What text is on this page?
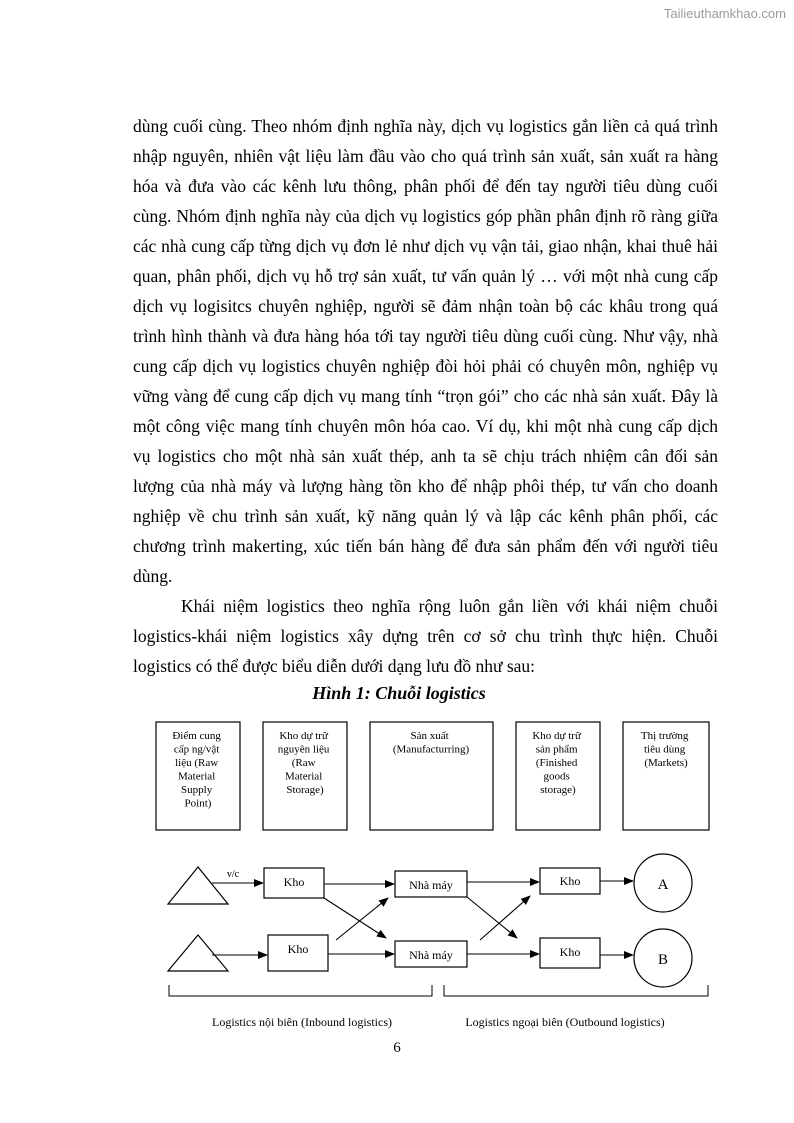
Tailieuthamkhao.com

dùng cuối cùng. Theo nhóm định nghĩa này, dịch vụ logistics gắn liền cả quá trình nhập nguyên, nhiên vật liệu làm đầu vào cho quá trình sản xuất, sản xuất ra hàng hóa và đưa vào các kênh lưu thông, phân phối để đến tay người tiêu dùng cuối cùng. Nhóm định nghĩa này của dịch vụ logistics góp phần phân định rõ ràng giữa các nhà cung cấp từng dịch vụ đơn lẻ như dịch vụ vận tải, giao nhận, khai thuê hải quan, phân phối, dịch vụ hỗ trợ sản xuất, tư vấn quản lý … với một nhà cung cấp dịch vụ logisitcs chuyên nghiệp, người sẽ đảm nhận toàn bộ các khâu trong quá trình hình thành và đưa hàng hóa tới tay người tiêu dùng cuối cùng. Như vậy, nhà cung cấp dịch vụ logistics chuyên nghiệp đòi hỏi phải có chuyên môn, nghiệp vụ vững vàng để cung cấp dịch vụ mang tính “trọn gói” cho các nhà sản xuất. Đây là một công việc mang tính chuyên môn hóa cao. Ví dụ, khi một nhà cung cấp dịch vụ logistics cho một nhà sản xuất thép, anh ta sẽ chịu trách nhiệm cân đối sản lượng của nhà máy và lượng hàng tồn kho để nhập phôi thép, tư vấn cho doanh nghiệp về chu trình sản xuất, kỹ năng quản lý và lập các kênh phân phối, các chương trình makerting, xúc tiến bán hàng để đưa sản phẩm đến với người tiêu dùng.

Khái niệm logistics theo nghĩa rộng luôn gắn liền với khái niệm chuỗi logistics-khái niệm logistics xây dựng trên cơ sở chu trình thực hiện. Chuỗi logistics có thể được biểu diễn dưới dạng lưu đồ như sau:

Hình 1: Chuỗi logistics
Điểm cung cấp ng/vật liệu (Raw Material Supply Point)
Kho dự trữ nguyên liệu (Raw Material Storage)
Sản xuất (Manufacturring)
Kho dự trữ sản phẩm (Finished goods storage)
Thị trường tiêu dùng (Markets)
v/c
Kho
Kho
Nhà máy
Nhà máy
Kho
Kho
A
B
Logistics nội biên (Inbound logistics)	Logistics ngoại biên (Outbound logistics)
6
